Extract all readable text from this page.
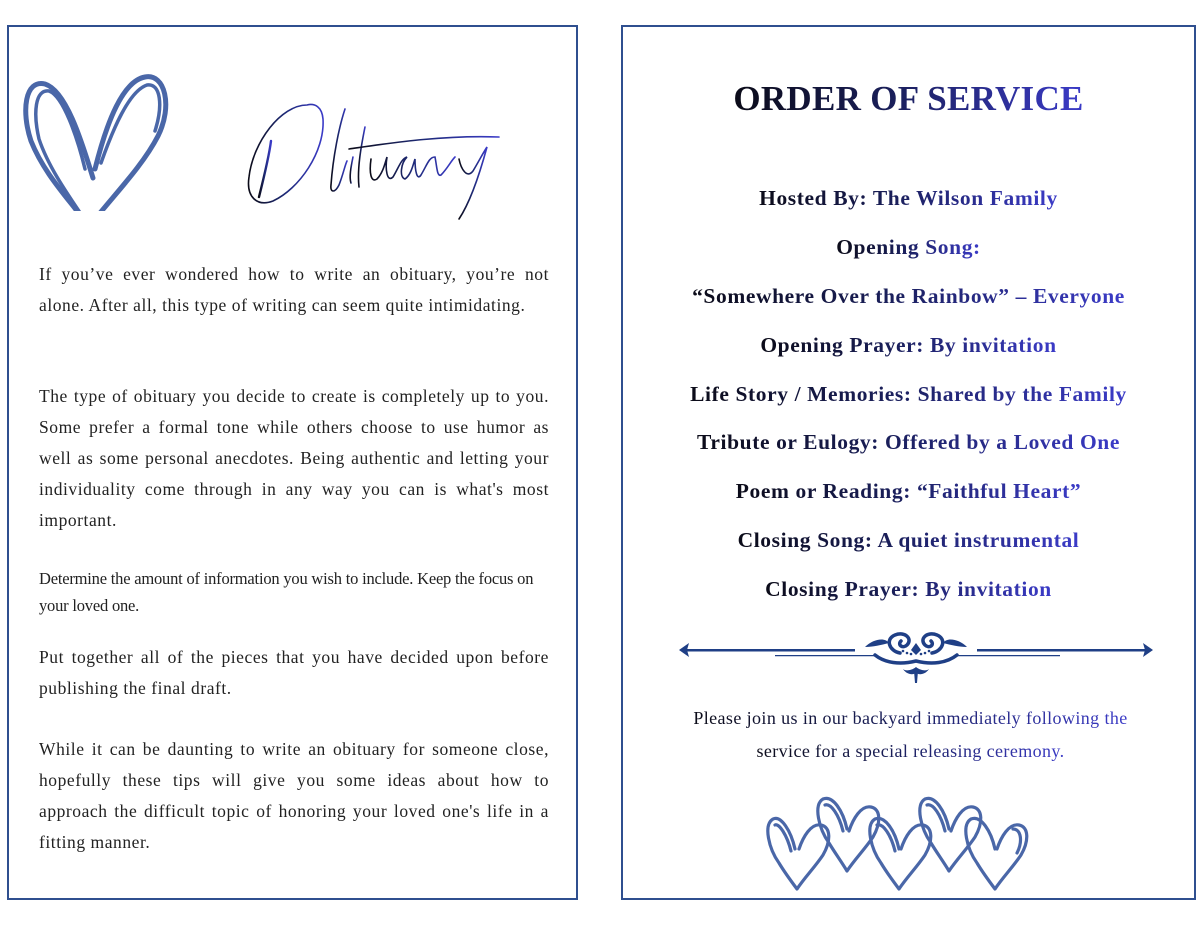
If you’ve ever wondered how to write an obituary, you’re not alone. After all, this type of writing can seem quite intimidating.

The type of obituary you decide to create is completely up to you. Some prefer a formal tone while others choose to use humor as well as some personal anecdotes. Being authentic and letting your individuality come through in any way you can is what's most important.

Determine the amount of information you wish to include. Keep the focus on your loved one.

Put together all of the pieces that you have decided upon before publishing the final draft.

While it can be daunting to write an obituary for someone close, hopefully these tips will give you some ideas about how to approach the difficult topic of honoring your loved one's life in a fitting manner.

ORDER OF SERVICE
Hosted By: The Wilson Family
Opening Song:
“Somewhere Over the Rainbow” – Everyone
Opening Prayer: By invitation
Life Story / Memories: Shared by the Family
Tribute or Eulogy: Offered by a Loved One
Poem or Reading: “Faithful Heart”
Closing Song: A quiet instrumental
Closing Prayer: By invitation
Please join us in our backyard immediately following the
service for a special releasing ceremony.
